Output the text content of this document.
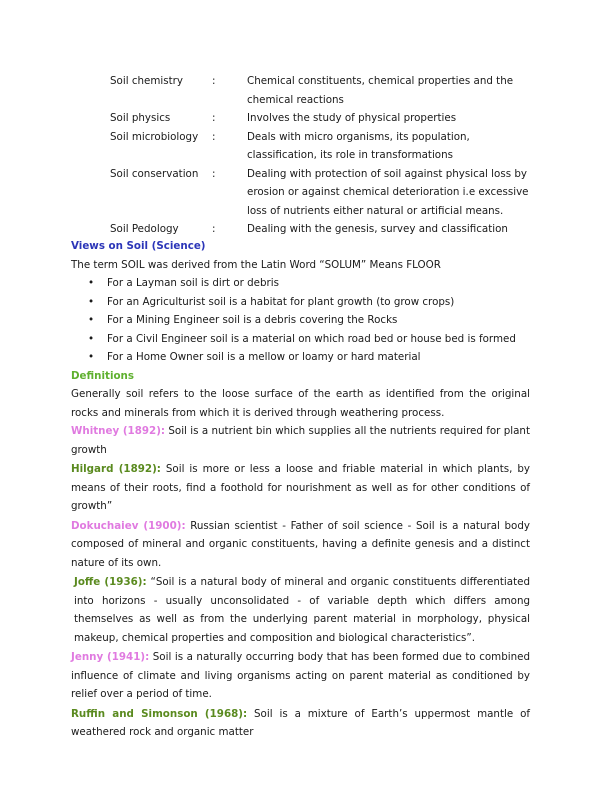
Soil chemistry	:	Chemical constituents, chemical properties and the chemical reactions
Soil physics	:	Involves the study of physical properties
Soil microbiology	:	Deals with micro organisms, its population, classification, its role in transformations
Soil conservation	:	Dealing with protection of soil against physical loss by erosion or against chemical deterioration i.e excessive loss of nutrients either natural or artificial means.
Soil Pedology	:	Dealing with the genesis, survey and classification
Views on Soil (Science)
The term SOIL was derived from the Latin Word “SOLUM” Means FLOOR
• For a Layman soil is dirt or debris
• For an Agriculturist soil is a habitat for plant growth (to grow crops)
• For a Mining Engineer soil is a debris covering the Rocks
• For a Civil Engineer soil is a material on which road bed or house bed is formed
• For a Home Owner soil is a mellow or loamy or hard material
Definitions
Generally soil refers to the loose surface of the earth as identified from the original rocks and minerals from which it is derived through weathering process.
Whitney (1892): Soil is a nutrient bin which supplies all the nutrients required for plant growth
Hilgard (1892): Soil is more or less a loose and friable material in which plants, by means of their roots, find a foothold for nourishment as well as for other conditions of growth”
Dokuchaiev (1900): Russian scientist - Father of soil science - Soil is a natural body composed of mineral and organic constituents, having a definite genesis and a distinct nature of its own.
Joffe (1936): “Soil is a natural body of mineral and organic constituents differentiated into horizons - usually unconsolidated - of variable depth which differs among themselves as well as from the underlying parent material in morphology, physical makeup, chemical properties and composition and biological characteristics”.
Jenny (1941): Soil is a naturally occurring body that has been formed due to combined influence of climate and living organisms acting on parent material as conditioned by relief over a period of time.
Ruffin and Simonson (1968): Soil is a mixture of Earth’s uppermost mantle of weathered rock and organic matter
